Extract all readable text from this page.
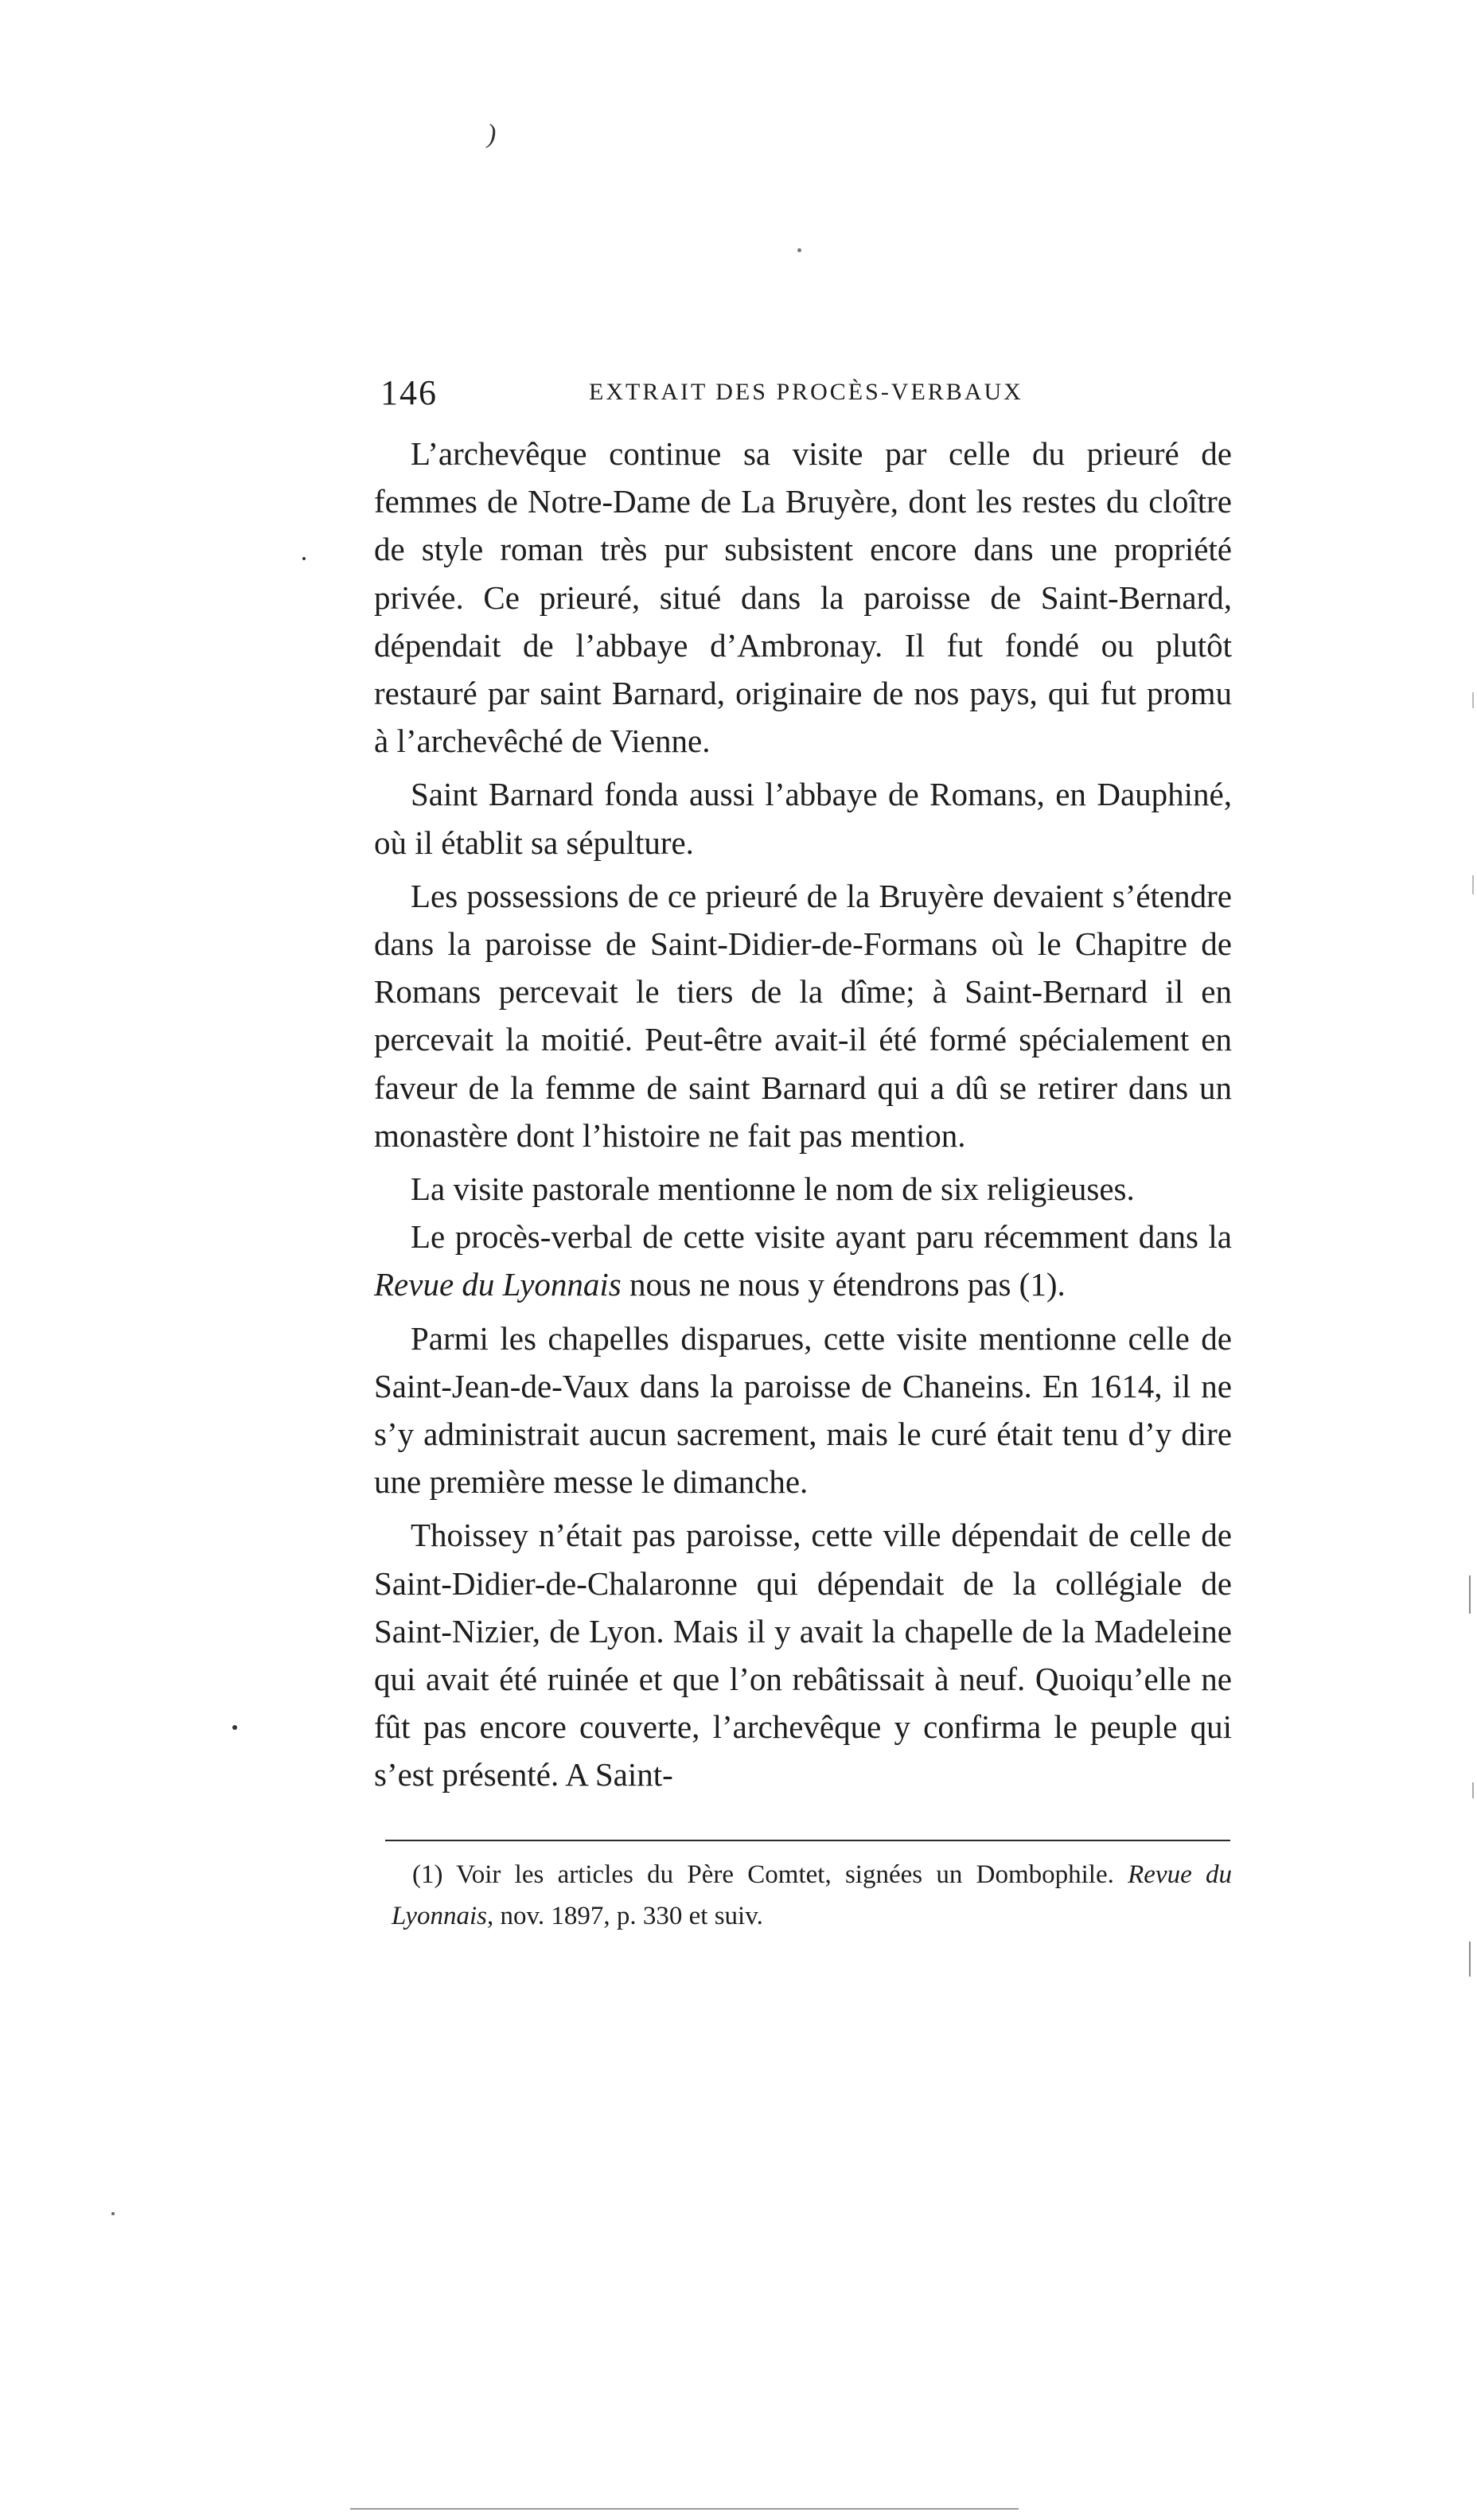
)
146	EXTRAIT DES PROCÈS-VERBAUX

L’archevêque continue sa visite par celle du prieuré de femmes de Notre-Dame de La Bruyère, dont les restes du cloître de style roman très pur subsistent encore dans une propriété privée. Ce prieuré, situé dans la paroisse de Saint-Bernard, dépendait de l’abbaye d’Ambronay. Il fut fondé ou plutôt restauré par saint Barnard, originaire de nos pays, qui fut promu à l’archevêché de Vienne.

Saint Barnard fonda aussi l’abbaye de Romans, en Dauphiné, où il établit sa sépulture.

Les possessions de ce prieuré de la Bruyère devaient s’étendre dans la paroisse de Saint-Didier-de-Formans où le Chapitre de Romans percevait le tiers de la dîme; à Saint-Bernard il en percevait la moitié. Peut-être avait-il été formé spécialement en faveur de la femme de saint Barnard qui a dû se retirer dans un monastère dont l’histoire ne fait pas mention.

La visite pastorale mentionne le nom de six religieuses.

Le procès-verbal de cette visite ayant paru récemment dans la Revue du Lyonnais nous ne nous y étendrons pas (1).

Parmi les chapelles disparues, cette visite mentionne celle de Saint-Jean-de-Vaux dans la paroisse de Chaneins. En 1614, il ne s’y administrait aucun sacrement, mais le curé était tenu d’y dire une première messe le dimanche.

Thoissey n’était pas paroisse, cette ville dépendait de celle de Saint-Didier-de-Chalaronne qui dépendait de la collégiale de Saint-Nizier, de Lyon. Mais il y avait la chapelle de la Madeleine qui avait été ruinée et que l’on rebâtissait à neuf. Quoiqu’elle ne fût pas encore couverte, l’archevêque y confirma le peuple qui s’est présenté. A Saint-

(1) Voir les articles du Père Comtet, signées un Dombophile. Revue du Lyonnais, nov. 1897, p. 330 et suiv.
